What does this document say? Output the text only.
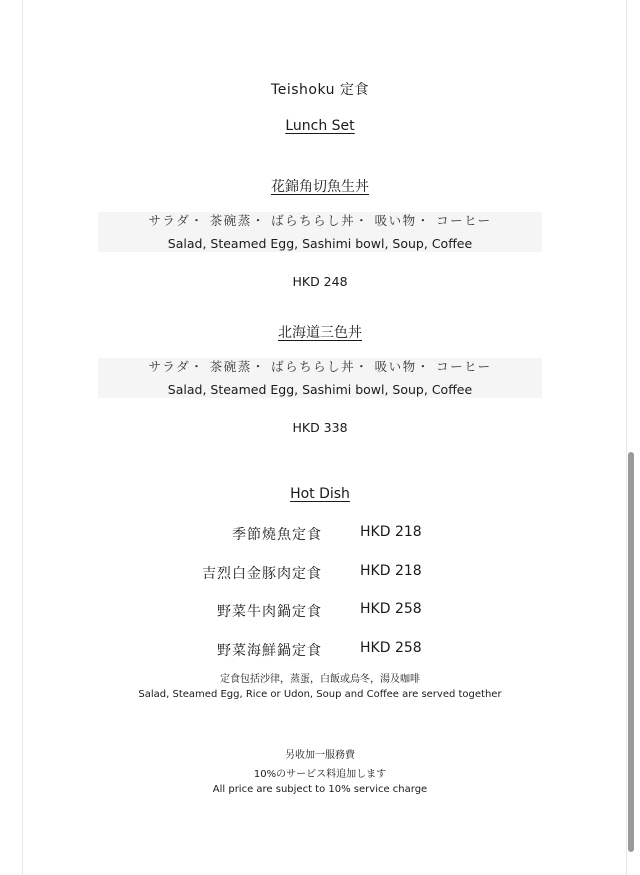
Teishoku 定食
Lunch Set
花錦角切魚生丼
サラダ・ 茶碗蒸・ ばらちらし丼・ 吸い物・ コーヒー
Salad, Steamed Egg, Sashimi bowl, Soup, Coffee
HKD 248
北海道三色丼
サラダ・ 茶碗蒸・ ばらちらし丼・ 吸い物・ コーヒー
Salad, Steamed Egg, Sashimi bowl, Soup, Coffee
HKD 338
Hot Dish
季節燒魚定食	HKD 218
吉烈白金豚肉定食	HKD 218
野菜牛肉鍋定食	HKD 258
野菜海鮮鍋定食	HKD 258
定食包括沙律，蒸蛋，白飯或烏冬，湯及咖啡
Salad, Steamed Egg, Rice or Udon, Soup and Coffee are served together
另收加一服務費
10%のサービス料追加します
All price are subject to 10% service charge
